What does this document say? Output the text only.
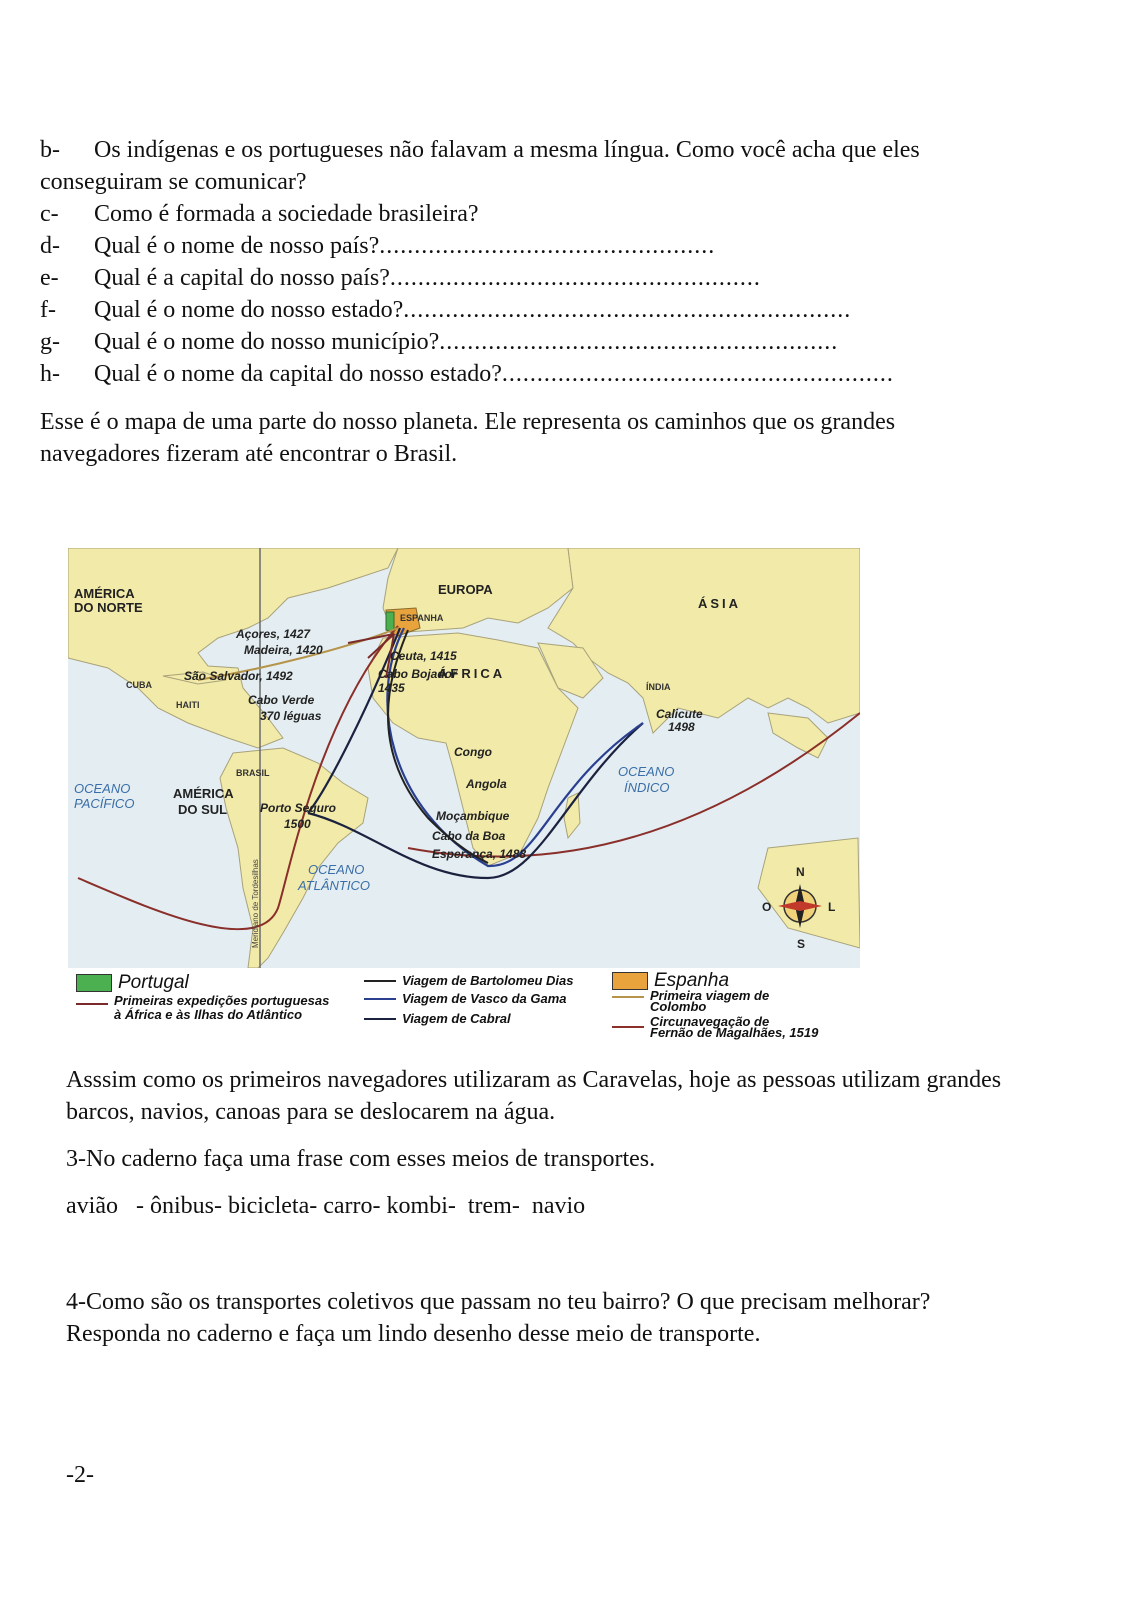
b- Os indígenas e os portugueses não falavam a mesma língua. Como você acha que eles
conseguiram se comunicar?
c- Como é formada a sociedade brasileira?
d- Qual é o nome de nosso país?................................................
e- Qual é a capital do nosso país?.....................................................
f- Qual é o nome do nosso estado?................................................................
g- Qual é o nome do nosso município?.........................................................
h- Qual é o nome da capital do nosso estado?........................................................
Esse é o mapa de uma parte do nosso planeta. Ele representa os caminhos que os grandes navegadores fizeram até encontrar o Brasil.
AMÉRICA
DO NORTE
EUROPA
ÁSIA
ÁFRICA
AMÉRICA
DO SUL
ESPANHA
CUBA
HAITI
ÍNDIA
BRASIL
Açores, 1427
Madeira, 1420	Ceuta, 1415
Cabo Bojador
1435
São Salvador, 1492
Cabo Verde
370 léguas	Calicute
1498
Congo
Angola
Porto Seguro
1500
Moçambique
Cabo da Boa
Esperança, 1488
OCEANO
PACÍFICO
OCEANO
ÍNDICO
OCEANO
ATLÂNTICO
Meridiano de Tordesilhas	N
S
O	L
Portugal
Primeiras expedições portuguesas
à África e às Ilhas do Atlântico
Viagem de Bartolomeu Dias
Viagem de Vasco da Gama
Viagem de Cabral
Espanha
Primeira viagem de
Colombo
Circunavegação de
Fernão de Magalhães, 1519
Asssim como os primeiros navegadores utilizaram as Caravelas, hoje as pessoas utilizam grandes barcos, navios, canoas para se deslocarem na água.
3-No caderno faça uma frase com esses meios de transportes.
avião   - ônibus- bicicleta- carro- kombi-  trem-  navio
4-Como são os transportes coletivos que passam no teu bairro? O que precisam melhorar?
Responda no caderno e faça um lindo desenho desse meio de transporte.
-2-
